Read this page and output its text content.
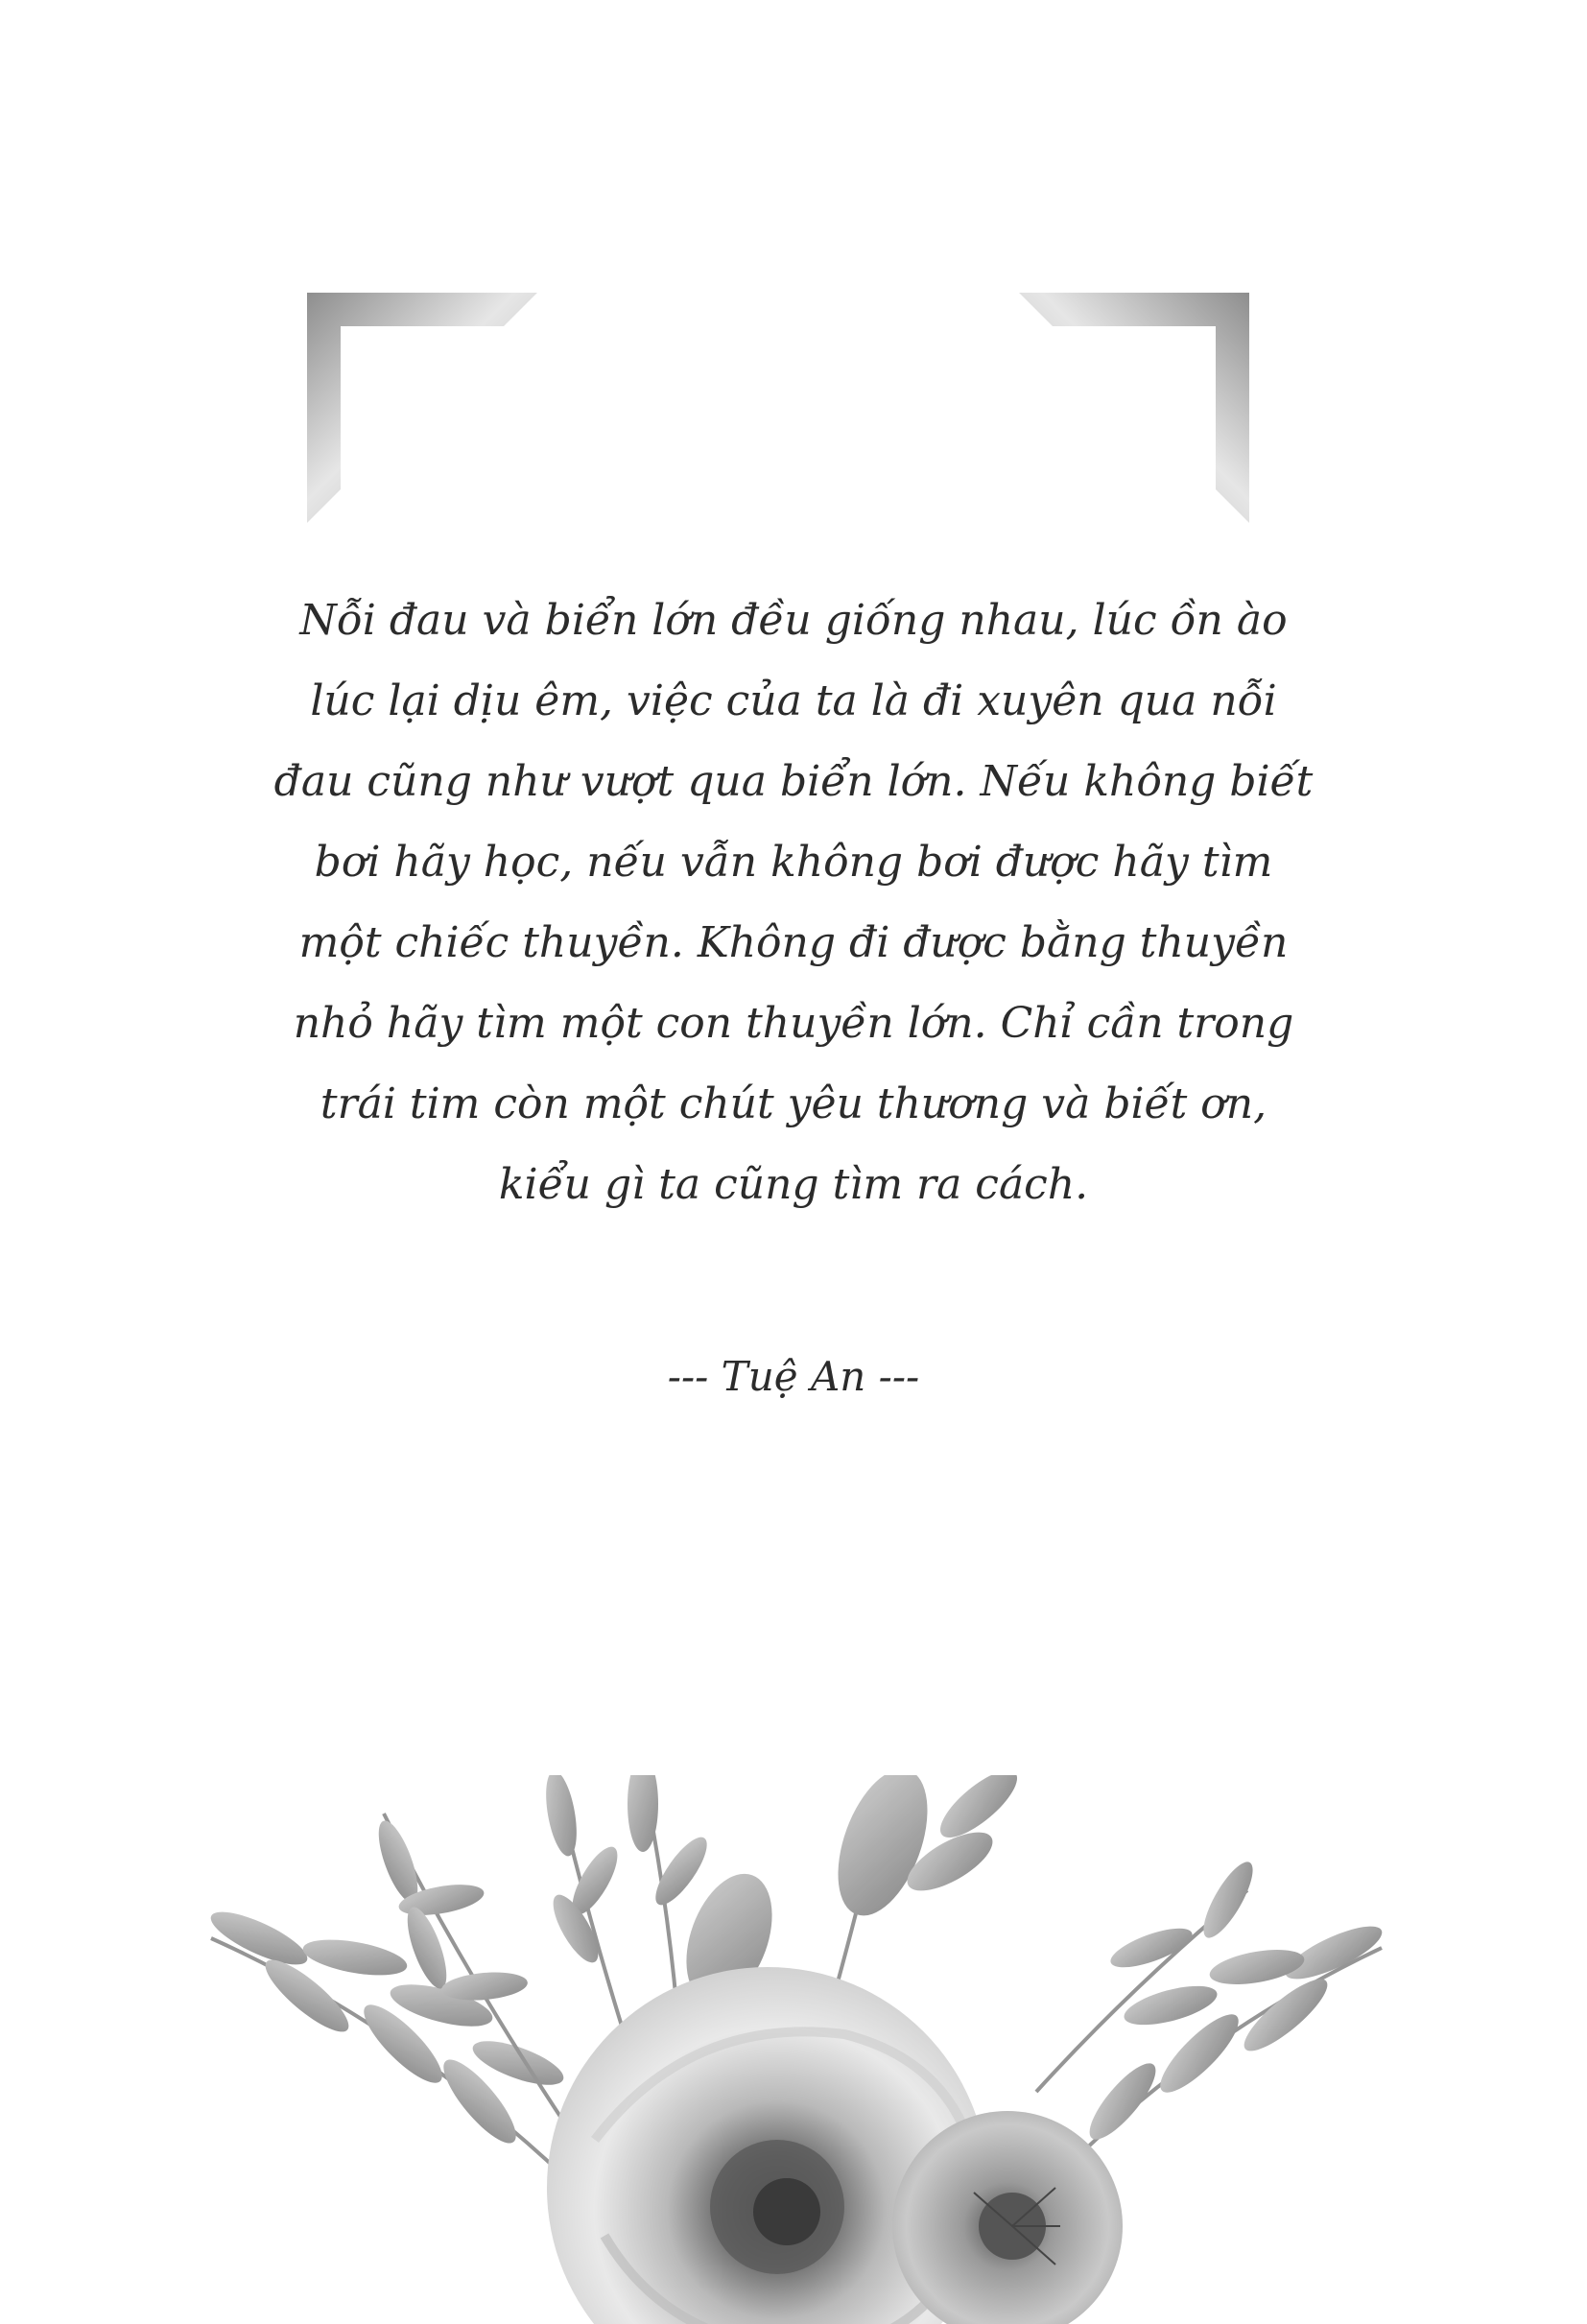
Nỗi đau và biển lớn đều giống nhau, lúc ồn ào
lúc lại dịu êm, việc của ta là đi xuyên qua nỗi
đau cũng như vượt qua biển lớn. Nếu không biết
bơi hãy học, nếu vẫn không bơi được hãy tìm
một chiếc thuyền. Không đi được bằng thuyền
nhỏ hãy tìm một con thuyền lớn. Chỉ cần trong
trái tim còn một chút yêu thương và biết ơn,
kiểu gì ta cũng tìm ra cách.

--- Tuệ An ---
